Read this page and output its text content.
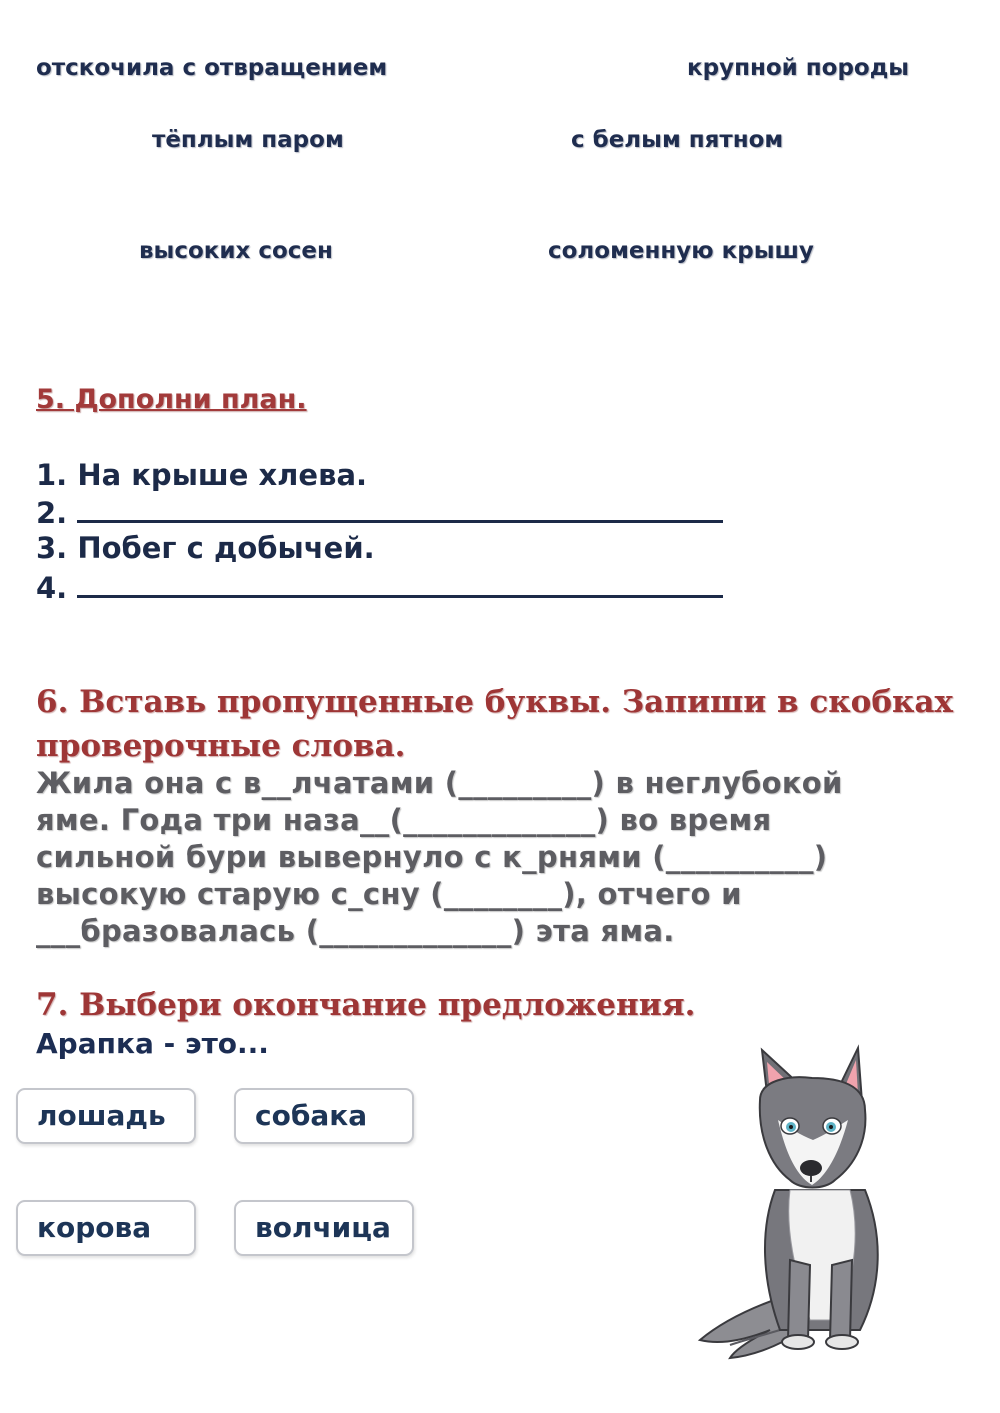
отскочила с отвращением	крупной породы
тёплым паром	с белым пятном
высоких сосен	соломенную крышу
5. Дополни план.
1. На крыше хлева.
2.
3. Побег с добычей.
4.
6. Вставь пропущенные буквы. Запиши в скобках
проверочные слова.
Жила она с в__лчатами (_________) в неглубокой
яме. Года три наза__(_____________) во время
сильной бури вывернуло с к_рнями (__________)
высокую старую с_сну (________), отчего и
___бразовалась (_____________) эта яма.
7. Выбери окончание предложения.
Арапка - это...
лошадь	собака
корова	волчица
